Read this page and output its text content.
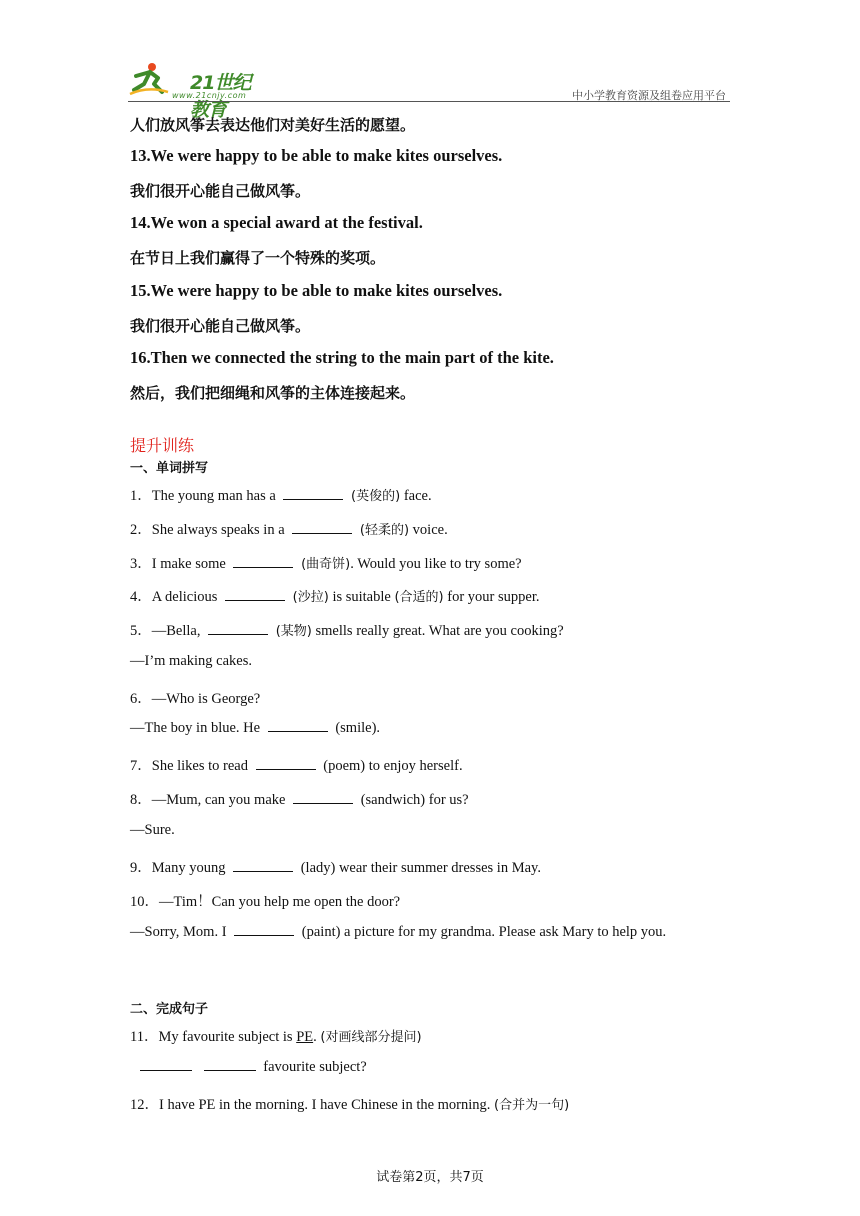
21世纪教育
www.21cnjy.com	中小学教育资源及组卷应用平台
人们放风筝去表达他们对美好生活的愿望。
13.We were happy to be able to make kites ourselves.
我们很开心能自己做风筝。
14.We won a special award at the festival.
在节日上我们赢得了一个特殊的奖项。
15.We were happy to be able to make kites ourselves.
我们很开心能自己做风筝。
16.Then we connected the string to the main part of the kite.
然后，我们把细绳和风筝的主体连接起来。
提升训练
一、单词拼写
1．The young man has a	(英俊的) face.
2．She always speaks in a	(轻柔的) voice.
3．I make some	(曲奇饼). Would you like to try some?
4．A delicious	(沙拉) is suitable (合适的) for your supper.
5．—Bella,	(某物) smells really great. What are you cooking?
—I’m making cakes.
6．—Who is George?
—The boy in blue. He	(smile).
7．She likes to read	(poem) to enjoy herself.
8．—Mum, can you make	(sandwich) for us?
—Sure.
9．Many young	(lady) wear their summer dresses in May.
10．—Tim！Can you help me open the door?
—Sorry, Mom. I	(paint) a picture for my grandma. Please ask Mary to help you.
二、完成句子
11．My favourite subject is PE. (对画线部分提问)
favourite subject?
12．I have PE in the morning. I have Chinese in the morning. (合并为一句)
试卷第2页，共7页
